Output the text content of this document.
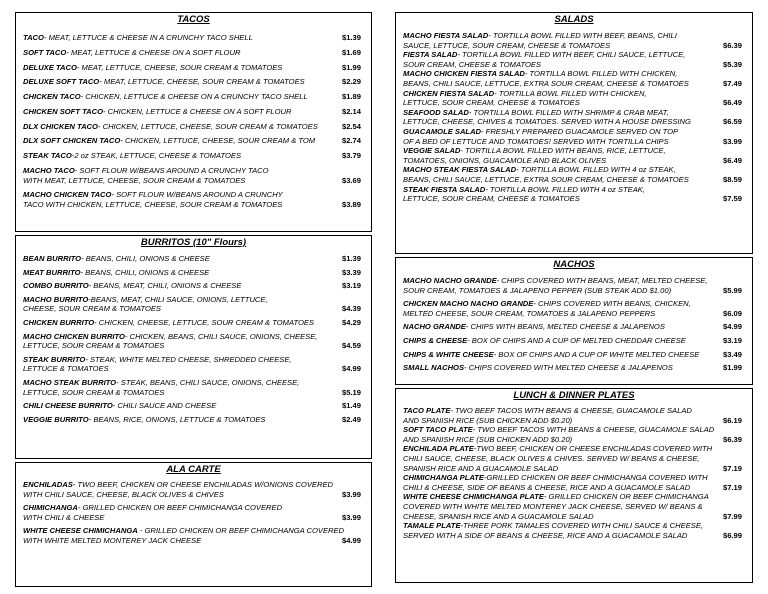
TACOS
TACO- MEAT, LETTUCE & CHEESE IN A CRUNCHY TACO SHELL	$1.39
SOFT TACO- MEAT, LETTUCE & CHEESE ON A SOFT FLOUR	$1.69
DELUXE TACO- MEAT, LETTUCE, CHEESE, SOUR CREAM & TOMATOES	$1.99
DELUXE SOFT TACO- MEAT, LETTUCE, CHEESE, SOUR CREAM & TOMATOES	$2.29
CHICKEN TACO- CHICKEN, LETTUCE & CHEESE ON A CRUNCHY TACO SHELL	$1.89
CHICKEN SOFT TACO- CHICKEN, LETTUCE & CHEESE ON A SOFT FLOUR	$2.14
DLX CHICKEN TACO- CHICKEN, LETTUCE, CHEESE, SOUR CREAM & TOMATOES	$2.54
DLX SOFT CHICKEN TACO- CHICKEN, LETTUCE, CHEESE, SOUR CREAM & TOM	$2.74
STEAK TACO-2 oz STEAK, LETTUCE, CHEESE & TOMATOES	$3.79
MACHO TACO- SOFT FLOUR W/BEANS AROUND A CRUNCHY TACO
WITH MEAT, LETTUCE, CHEESE, SOUR CREAM & TOMATOES	$3.69
MACHO CHICKEN TACO- SOFT FLOUR W/BEANS AROUND A CRUNCHY
TACO WITH CHICKEN, LETTUCE, CHEESE, SOUR CREAM & TOMATOES	$3.89
BURRITOS (10" Flours)
BEAN BURRITO- BEANS, CHILI, ONIONS & CHEESE	$1.39
MEAT BURRITO- BEANS, CHILI, ONIONS & CHEESE	$3.39
COMBO BURRITO- BEANS, MEAT, CHILI, ONIONS & CHEESE	$3.19
MACHO BURRITO-BEANS, MEAT, CHILI SAUCE, ONIONS, LETTUCE,
CHEESE, SOUR CREAM & TOMATOES	$4.39
CHICKEN BURRITO- CHICKEN, CHEESE, LETTUCE, SOUR CREAM & TOMATOES	$4.29
MACHO CHICKEN BURRITO- CHICKEN, BEANS, CHILI SAUCE, ONIONS, CHEESE,
LETTUCE, SOUR CREAM & TOMATOES	$4.59
STEAK BURRITO- STEAK, WHITE MELTED CHEESE, SHREDDED CHEESE,
LETTUCE & TOMATOES	$4.99
MACHO STEAK BURRITO- STEAK, BEANS, CHILI SAUCE, ONIONS, CHEESE,
LETTUCE, SOUR CREAM & TOMATOES	$5.19
CHILI CHEESE BURRITO- CHILI SAUCE AND CHEESE	$1.49
VEGGIE BURRITO- BEANS, RICE, ONIONS, LETTUCE & TOMATOES	$2.49
ALA CARTE
ENCHILADAS- TWO BEEF, CHICKEN OR CHEESE ENCHILADAS W/ONIONS COVERED
WITH CHILI SAUCE, CHEESE, BLACK OLIVES & CHIVES	$3.99
CHIMICHANGA- GRILLED CHICKEN OR BEEF CHIMICHANGA COVERED
WITH CHILI & CHEESE	$3.99
WHITE CHEESE CHIMICHANGA - GRILLED CHICKEN OR BEEF CHIMICHANGA COVERED
WITH WHITE MELTED MONTEREY JACK CHEESE	$4.99
SALADS
MACHO FIESTA SALAD- TORTILLA BOWL FILLED WITH BEEF, BEANS, CHILI
SAUCE, LETTUCE, SOUR CREAM, CHEESE & TOMATOES	$6.39
FIESTA SALAD- TORTILLA BOWL FILLED WITH BEEF, CHILI SAUCE, LETTUCE,
SOUR CREAM, CHEESE & TOMATOES	$5.39
MACHO CHICKEN FIESTA SALAD- TORTILLA BOWL FILLED WITH CHICKEN,
BEANS, CHILI SAUCE, LETTUCE, EXTRA SOUR CREAM, CHEESE & TOMATOES	$7.49
CHICKEN FIESTA SALAD- TORTILLA BOWL FILLED WITH CHICKEN,
LETTUCE, SOUR CREAM, CHEESE & TOMATOES	$6.49
SEAFOOD SALAD- TORTILLA BOWL FILLED WITH SHRIMP & CRAB MEAT,
LETTUCE, CHEESE, CHIVES & TOMATOES. SERVED WITH A HOUSE DRESSING	$6.59
GUACAMOLE SALAD- FRESHLY PREPARED GUACAMOLE SERVED ON TOP
OF A BED OF LETTUCE AND TOMATOES! SERVED WITH TORTILLA CHIPS	$3.99
VEGGIE SALAD- TORTILLA BOWL FILLED WITH BEANS, RICE, LETTUCE,
TOMATOES, ONIONS, GUACAMOLE AND BLACK OLIVES	$6.49
MACHO STEAK FIESTA SALAD- TORTILLA BOWL FILLED WITH 4 oz STEAK,
BEANS, CHILI SAUCE, LETTUCE, EXTRA SOUR CREAM, CHEESE & TOMATOES	$8.59
STEAK FIESTA SALAD- TORTILLA BOWL FILLED WITH 4 oz STEAK,
LETTUCE, SOUR CREAM, CHEESE & TOMATOES	$7.59
NACHOS
MACHO NACHO GRANDE- CHIPS COVERED WITH BEANS, MEAT, MELTED CHEESE,
SOUR CREAM, TOMATOES & JALAPENO PEPPER (SUB STEAK ADD $1.00)	$5.99
CHICKEN MACHO NACHO GRANDE- CHIPS COVERED WITH BEANS, CHICKEN,
MELTED CHEESE, SOUR CREAM, TOMATOES & JALAPENO PEPPERS	$6.09
NACHO GRANDE- CHIPS WITH BEANS, MELTED CHEESE & JALAPENOS	$4.99
CHIPS & CHEESE- BOX OF CHIPS AND A CUP OF MELTED CHEDDAR CHEESE	$3.19
CHIPS & WHITE CHEESE- BOX OF CHIPS AND A CUP OF WHITE MELTED CHEESE	$3.49
SMALL NACHOS- CHIPS COVERED WITH MELTED CHEESE & JALAPENOS	$1.99
LUNCH & DINNER PLATES
TACO PLATE- TWO BEEF TACOS WITH BEANS & CHEESE, GUACAMOLE SALAD
AND SPANISH RICE (SUB CHICKEN ADD $0.20)	$6.19
SOFT TACO PLATE- TWO BEEF TACOS WITH BEANS & CHEESE, GUACAMOLE SALAD
AND SPANISH RICE (SUB CHICKEN ADD $0.20)	$6.39
ENCHILADA PLATE-TWO BEEF, CHICKEN OR CHEESE ENCHILADAS COVERED WITH
CHILI SAUCE, CHEESE, BLACK OLIVES & CHIVES. SERVED W/ BEANS & CHEESE,
SPANISH RICE AND A GUACAMOLE SALAD	$7.19
CHIMICHANGA PLATE-GRILLED CHICKEN OR BEEF CHIMICHANGA COVERED WITH
CHILI & CHEESE, SIDE OF BEANS & CHEESE, RICE AND A GUACAMOLE SALAD	$7.19
WHITE CHEESE CHIMICHANGA PLATE- GRILLED CHICKEN OR BEEF CHIMICHANGA
COVERED WITH WHITE MELTED MONTEREY JACK CHEESE, SERVED W/ BEANS &
CHEESE, SPANISH RICE AND A GUACAMOLE SALAD	$7.99
TAMALE PLATE-THREE PORK TAMALES COVERED WITH CHILI SAUCE & CHEESE,
SERVED WITH A SIDE OF BEANS & CHEESE, RICE AND A GUACAMOLE SALAD	$6.99
